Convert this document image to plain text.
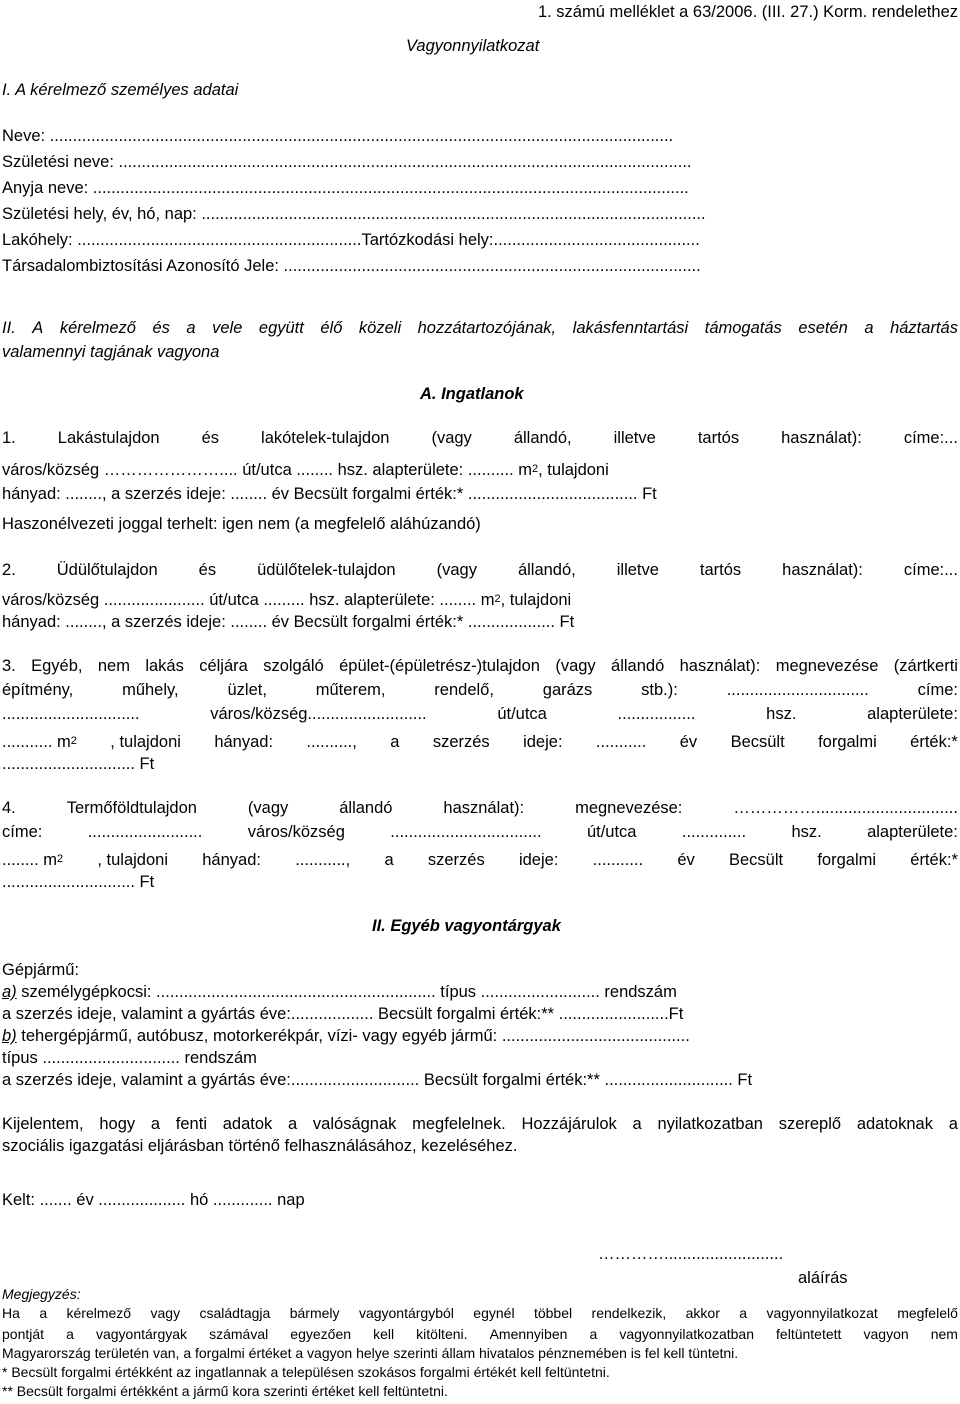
1. számú melléklet a 63/2006. (III. 27.) Korm. rendelethez
Vagyonnyilatkozat
I. A kérelmező személyes adatai
Neve: ........................................................................................................................................
Születési neve: .............................................................................................................................
Anyja neve: ..................................................................................................................................
Születési hely, év, hó, nap: ..............................................................................................................
Lakóhely: ..............................................................Tartózkodási hely:.............................................
Társadalombiztosítási Azonosító Jele: ...........................................................................................
II. A kérelmező és a vele együtt élő közeli hozzátartozójának, lakásfenntartási támogatás esetén a háztartás
valamennyi tagjának vagyona
A. Ingatlanok
1.	Lakástulajdon	és	lakótelek-tulajdon	(vagy	állandó,	illetve	tartós	használat):	címe:...
város/község ………………….... út/utca ........ hsz. alapterülete: .......... $m^2$, tulajdoni
hányad: ........, a szerzés ideje: ........ év Becsült forgalmi érték:* ..................................... Ft
Haszonélvezeti joggal terhelt: igen nem (a megfelelő aláhúzandó)
2. Üdülőtulajdon és üdülőtelek-tulajdon (vagy állandó, illetve tartós használat): címe:...
város/község ...................... út/utca ......... hsz. alapterülete: ........ $m^2$, tulajdoni
hányad: ........, a szerzés ideje: ........ év Becsült forgalmi érték:* ................... Ft
3. Egyéb, nem lakás céljára szolgáló épület-(épületrész-)tulajdon (vagy állandó használat): megnevezése (zártkerti
építmény,	műhely,	üzlet,	műterem,	rendelő,	garázs	stb.):	...............................	címe:
..............................	város/község..........................	út/utca	.................	hsz.	alapterülete:
........... $m^2$ , tulajdoni hányad: .........., a szerzés ideje: ........... év Becsült forgalmi érték:*
............................. Ft
4.	Termőföldtulajdon	(vagy	állandó	használat):	megnevezése:	……………...............................
címe:	.........................	város/község	.................................	út/utca	..............	hsz.	alapterülete:
........ $m^2$ , tulajdoni hányad: ..........., a szerzés ideje: ........... év Becsült forgalmi érték:*
............................. Ft
II. Egyéb vagyontárgyak
Gépjármű:
a) személygépkocsi: ............................................................. típus .......................... rendszám
a szerzés ideje, valamint a gyártás éve:.................. Becsült forgalmi érték:** ........................Ft
b) tehergépjármű, autóbusz, motorkerékpár, vízi- vagy egyéb jármű: .........................................
típus .............................. rendszám
a szerzés ideje, valamint a gyártás éve:............................ Becsült forgalmi érték:** ............................ Ft
Kijelentem, hogy a fenti adatok a valóságnak megfelelnek. Hozzájárulok a nyilatkozatban szereplő adatoknak a
szociális igazgatási eljárásban történő felhasználásához, kezeléséhez.
Kelt: ....... év ................... hó ............. nap
…………..........................
aláírás
Megjegyzés:
Ha a kérelmező vagy családtagja bármely vagyontárgyból egynél többel rendelkezik, akkor a vagyonnyilatkozat megfelelő
pontját a vagyontárgyak számával egyezően kell kitölteni. Amennyiben a vagyonnyilatkozatban feltüntetett vagyon nem
Magyarország területén van, a forgalmi értéket a vagyon helye szerinti állam hivatalos pénznemében is fel kell tüntetni.
* Becsült forgalmi értékként az ingatlannak a településen szokásos forgalmi értékét kell feltüntetni.
** Becsült forgalmi értékként a jármű kora szerinti értéket kell feltüntetni.
